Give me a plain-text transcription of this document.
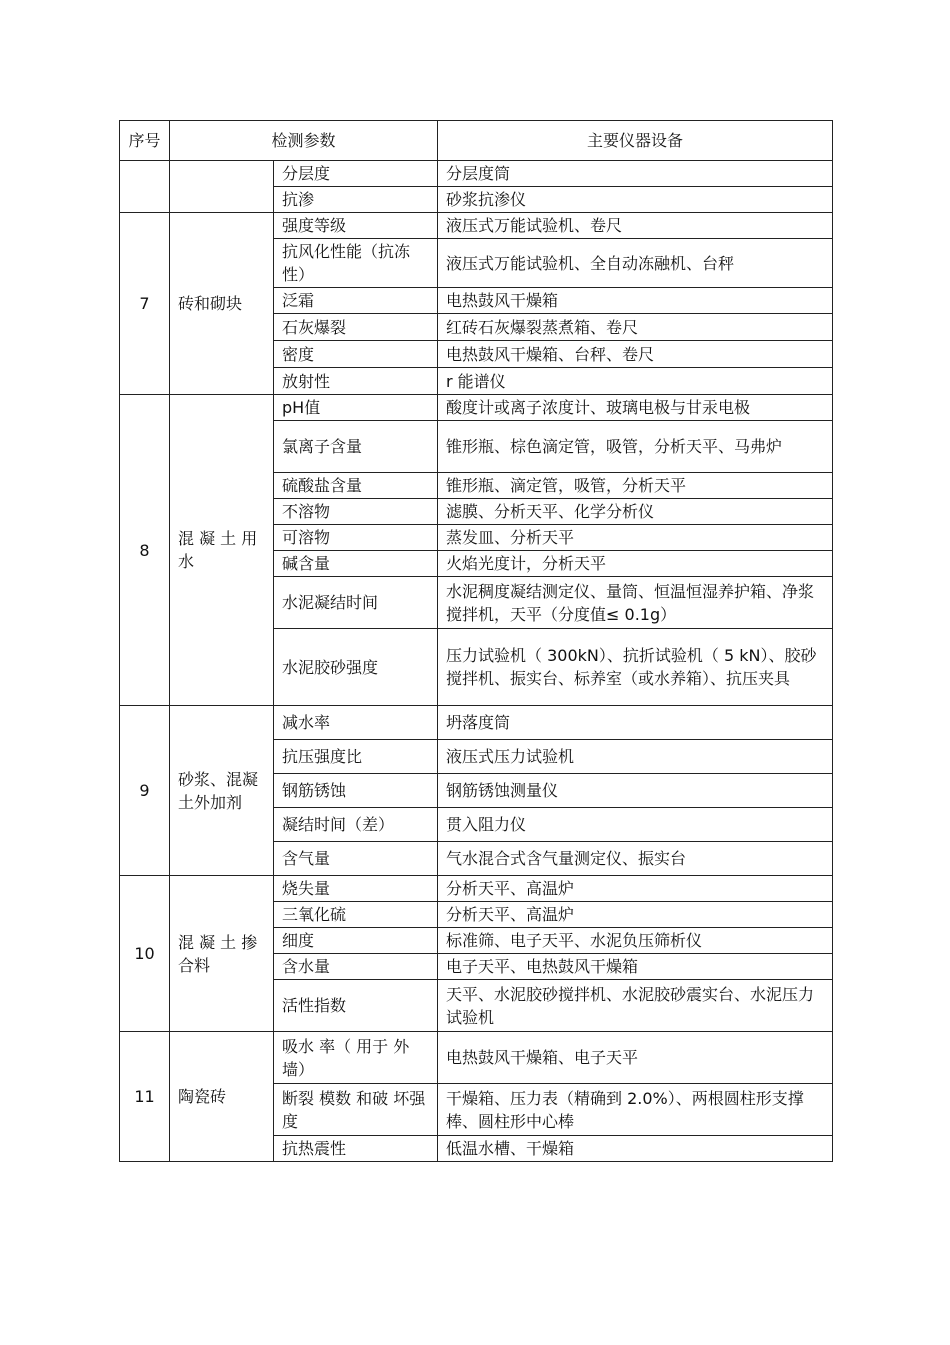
序号	检测参数		主要仪器设备
		分层度	分层度筒
		抗渗	砂浆抗渗仪
7	砖和砌块	强度等级	液压式万能试验机、卷尺
		抗风化性能（抗冻性）	液压式万能试验机、全自动冻融机、台秤
		泛霜	电热鼓风干燥箱
		石灰爆裂	红砖石灰爆裂蒸煮箱、卷尺
		密度	电热鼓风干燥箱、台秤、卷尺
		放射性	r 能谱仪
8	混 凝 土 用水	pH值	酸度计或离子浓度计、玻璃电极与甘汞电极
		氯离子含量	锥形瓶、棕色滴定管，吸管，分析天平、马弗炉
		硫酸盐含量	锥形瓶、滴定管，吸管，分析天平
		不溶物	滤膜、分析天平、化学分析仪
		可溶物	蒸发皿、分析天平
		碱含量	火焰光度计，分析天平
		水泥凝结时间	水泥稠度凝结测定仪、量筒、恒温恒湿养护箱、净浆搅拌机，天平（分度值≤ 0.1g）
		水泥胶砂强度	压力试验机（ 300kN）、抗折试验机（ 5 kN）、胶砂搅拌机、振实台、标养室（或水养箱）、抗压夹具
9	砂浆、混凝土外加剂	减水率	坍落度筒
		抗压强度比	液压式压力试验机
		钢筋锈蚀	钢筋锈蚀测量仪
		凝结时间（差）	贯入阻力仪
		含气量	气水混合式含气量测定仪、振实台
10	混 凝 土 掺合料	烧失量	分析天平、高温炉
		三氧化硫	分析天平、高温炉
		细度	标准筛、电子天平、水泥负压筛析仪
		含水量	电子天平、电热鼓风干燥箱
		活性指数	天平、水泥胶砂搅拌机、水泥胶砂震实台、水泥压力试验机
11	陶瓷砖	吸水 率（ 用于 外墙）	电热鼓风干燥箱、电子天平
		断裂 模数 和破 坏强度	干燥箱、压力表（精确到 2.0%）、两根圆柱形支撑棒、圆柱形中心棒
		抗热震性	低温水槽、干燥箱
